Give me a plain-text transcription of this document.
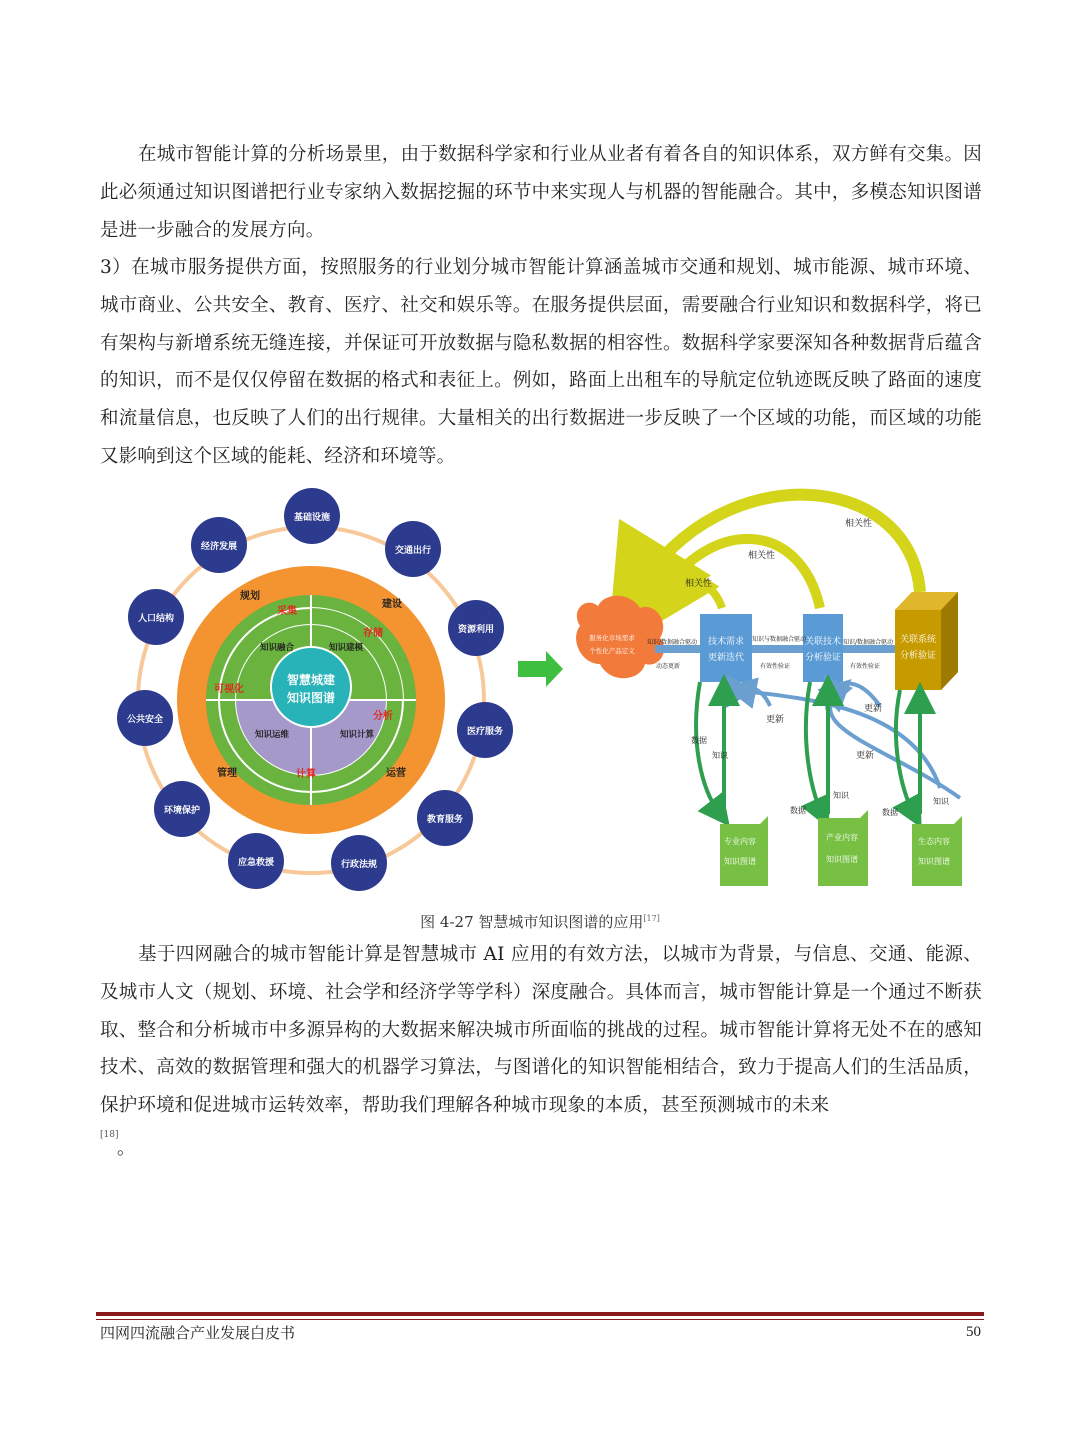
在城市智能计算的分析场景里，由于数据科学家和行业从业者有着各自的知识体系，双方鲜有交集。因此必须通过知识图谱把行业专家纳入数据挖掘的环节中来实现人与机器的智能融合。其中，多模态知识图谱是进一步融合的发展方向。

3）在城市服务提供方面，按照服务的行业划分城市智能计算涵盖城市交通和规划、城市能源、城市环境、城市商业、公共安全、教育、医疗、社交和娱乐等。在服务提供层面，需要融合行业知识和数据科学，将已有架构与新增系统无缝连接，并保证可开放数据与隐私数据的相容性。数据科学家要深知各种数据背后蕴含的知识，而不是仅仅停留在数据的格式和表征上。例如，路面上出租车的导航定位轨迹既反映了路面的速度和流量信息，也反映了人们的出行规律。大量相关的出行数据进一步反映了一个区域的功能，而区域的功能又影响到这个区域的能耗、经济和环境等。

智慧城建
知识图谱
规划
建设
运营
管理
采集
存储
分析
计算
可视化
知识融合	知识建模
知识计算
知识运维
基础设施
交通出行
资源利用
医疗服务
教育服务
行政法规
应急救援
环境保护
公共安全
人口结构
经济发展
相关性
相关性
相关性
服务化市场需求
个性化产品定义
技术需求
更新迭代
关联技术
分析验证
关联系统
分析验证
知识/数据融合驱动
动态更新
知识与数据融合驱动
有效性验证
知识/数据融合驱动
有效性验证
更新
更新
更新
数据
知识
数据
知识
数据
知识
专业内容
知识图谱
产业内容
知识图谱
生态内容
知识图谱
图 4-27 智慧城市知识图谱的应用[17]

基于四网融合的城市智能计算是智慧城市 AI 应用的有效方法，以城市为背景，与信息、交通、能源、及城市人文（规划、环境、社会学和经济学等学科）深度融合。具体而言，城市智能计算是一个通过不断获取、整合和分析城市中多源异构的大数据来解决城市所面临的挑战的过程。城市智能计算将无处不在的感知技术、高效的数据管理和强大的机器学习算法，与图谱化的知识智能相结合，致力于提高人们的生活品质，保护环境和促进城市运转效率，帮助我们理解各种城市现象的本质，甚至预测城市的未来

[18]
。
四网四流融合产业发展白皮书	50
